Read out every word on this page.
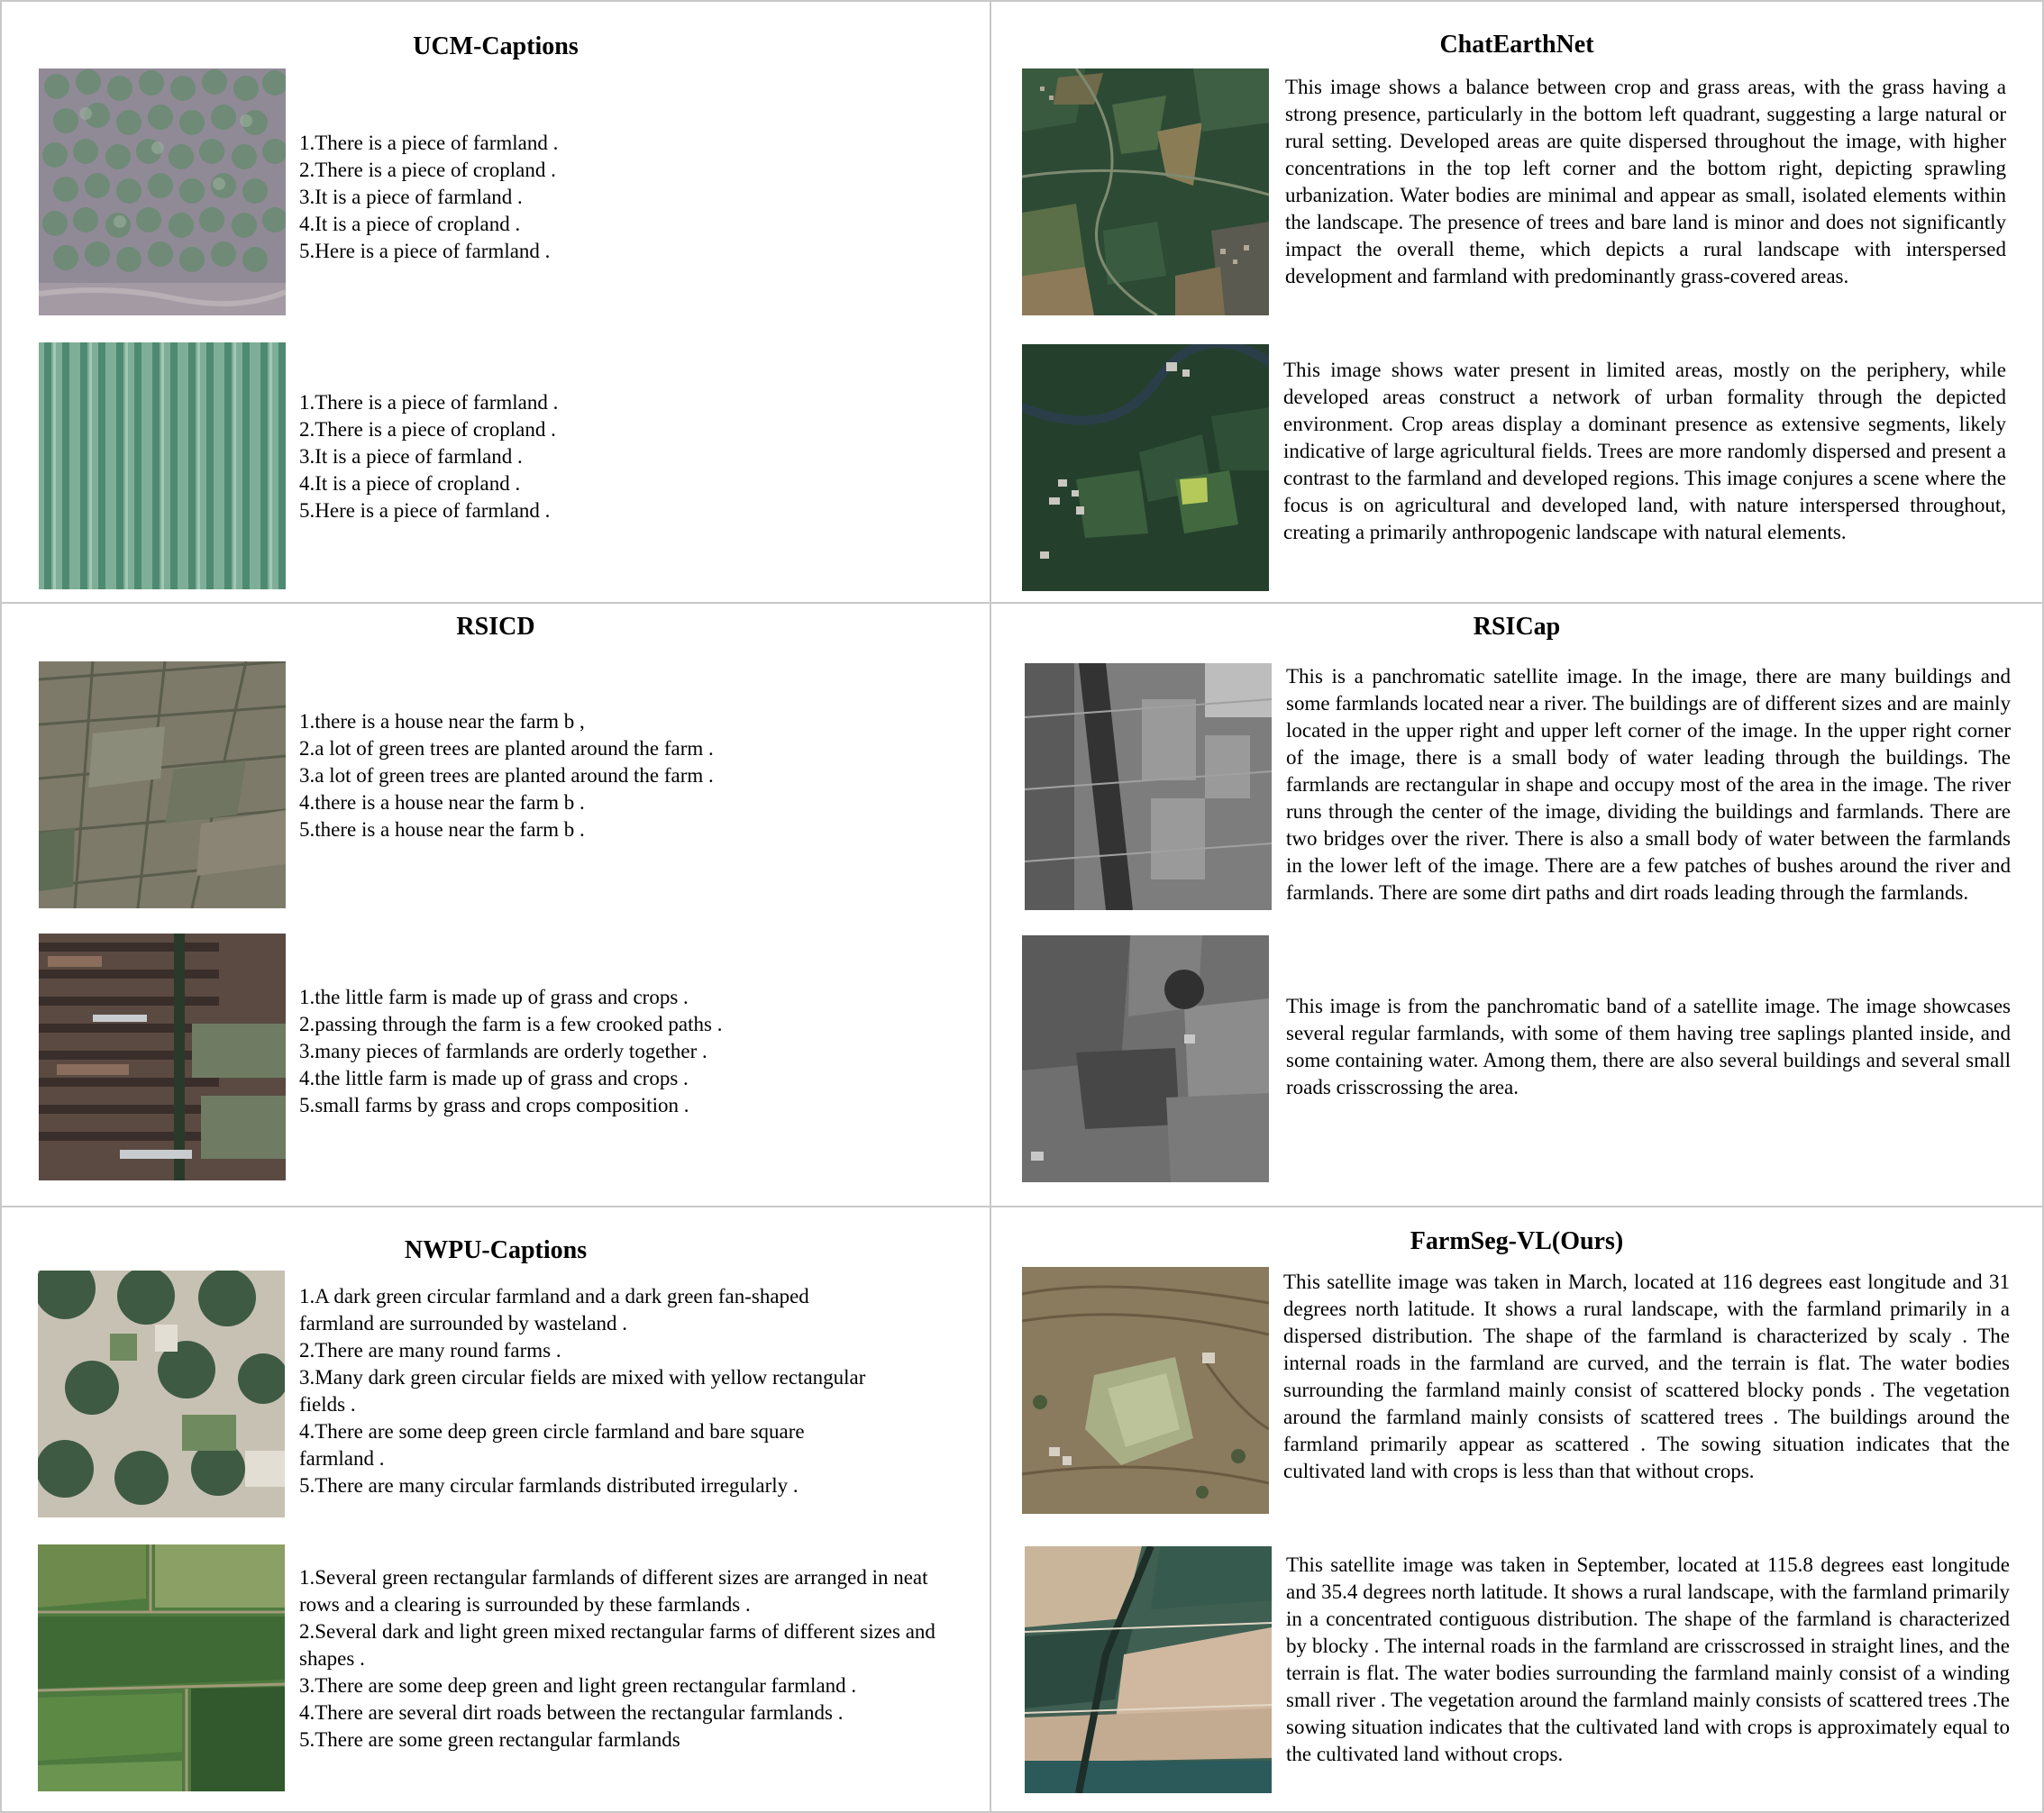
UCM-Captions
1.There is a piece of farmland .
2.There is a piece of cropland .
3.It is a piece of farmland .
4.It is a piece of cropland .
5.Here is a piece of farmland .
1.There is a piece of farmland .
2.There is a piece of cropland .
3.It is a piece of farmland .
4.It is a piece of cropland .
5.Here is a piece of farmland .
ChatEarthNet

This image shows a balance between crop and grass areas, with the grass having a strong presence, particularly in the bottom left quadrant, suggesting a large natural or rural setting. Developed areas are quite dispersed throughout the image, with higher concentrations in the top left corner and the bottom right, depicting sprawling urbanization. Water bodies are minimal and appear as small, isolated elements within the landscape. The presence of trees and bare land is minor and does not significantly impact the overall theme, which depicts a rural landscape with interspersed development and farmland with predominantly grass-covered areas.

This image shows water present in limited areas, mostly on the periphery, while developed areas construct a network of urban formality through the depicted environment. Crop areas display a dominant presence as extensive segments, likely indicative of large agricultural fields. Trees are more randomly dispersed and present a contrast to the farmland and developed regions. This image conjures a scene where the focus is on agricultural and developed land, with nature interspersed throughout, creating a primarily anthropogenic landscape with natural elements.

RSICD
1.there is a house near the farm b ,
2.a lot of green trees are planted around the farm .
3.a lot of green trees are planted around the farm .
4.there is a house near the farm b .
5.there is a house near the farm b .
1.the little farm is made up of grass and crops .
2.passing through the farm is a few crooked paths .
3.many pieces of farmlands are orderly together .
4.the little farm is made up of grass and crops .
5.small farms by grass and crops composition .
RSICap

This is a panchromatic satellite image. In the image, there are many buildings and some farmlands located near a river. The buildings are of different sizes and are mainly located in the upper right and upper left corner of the image. In the upper right corner of the image, there is a small body of water leading through the buildings. The farmlands are rectangular in shape and occupy most of the area in the image. The river runs through the center of the image, dividing the buildings and farmlands. There are two bridges over the river. There is also a small body of water between the farmlands in the lower left of the image. There are a few patches of bushes around the river and farmlands. There are some dirt paths and dirt roads leading through the farmlands.

This image is from the panchromatic band of a satellite image. The image showcases several regular farmlands, with some of them having tree saplings planted inside, and some containing water. Among them, there are also several buildings and several small roads crisscrossing the area.

NWPU-Captions
1.A dark green circular farmland and a dark green fan-shaped farmland are surrounded by wasteland .
2.There are many round farms .
3.Many dark green circular fields are mixed with yellow rectangular fields .
4.There are some deep green circle farmland and bare square farmland .
5.There are many circular farmlands distributed irregularly .
1.Several green rectangular farmlands of different sizes are arranged in neat rows and a clearing is surrounded by these farmlands .
2.Several dark and light green mixed rectangular farms of different sizes and shapes .
3.There are some deep green and light green rectangular farmland .
4.There are several dirt roads between the rectangular farmlands .
5.There are some green rectangular farmlands
FarmSeg-VL(Ours)

This satellite image was taken in March, located at 116 degrees east longitude and 31 degrees north latitude. It shows a rural landscape, with the farmland primarily in a dispersed distribution. The shape of the farmland is characterized by scaly . The internal roads in the farmland are curved, and the terrain is flat. The water bodies surrounding the farmland mainly consist of scattered blocky ponds . The vegetation around the farmland mainly consists of scattered trees . The buildings around the farmland primarily appear as scattered . The sowing situation indicates that the cultivated land with crops is less than that without crops.

This satellite image was taken in September, located at 115.8 degrees east longitude and 35.4 degrees north latitude. It shows a rural landscape, with the farmland primarily in a concentrated contiguous distribution. The shape of the farmland is characterized by blocky . The internal roads in the farmland are crisscrossed in straight lines, and the terrain is flat. The water bodies surrounding the farmland mainly consist of a winding small river . The vegetation around the farmland mainly consists of scattered trees .The sowing situation indicates that the cultivated land with crops is approximately equal to the cultivated land without crops.
